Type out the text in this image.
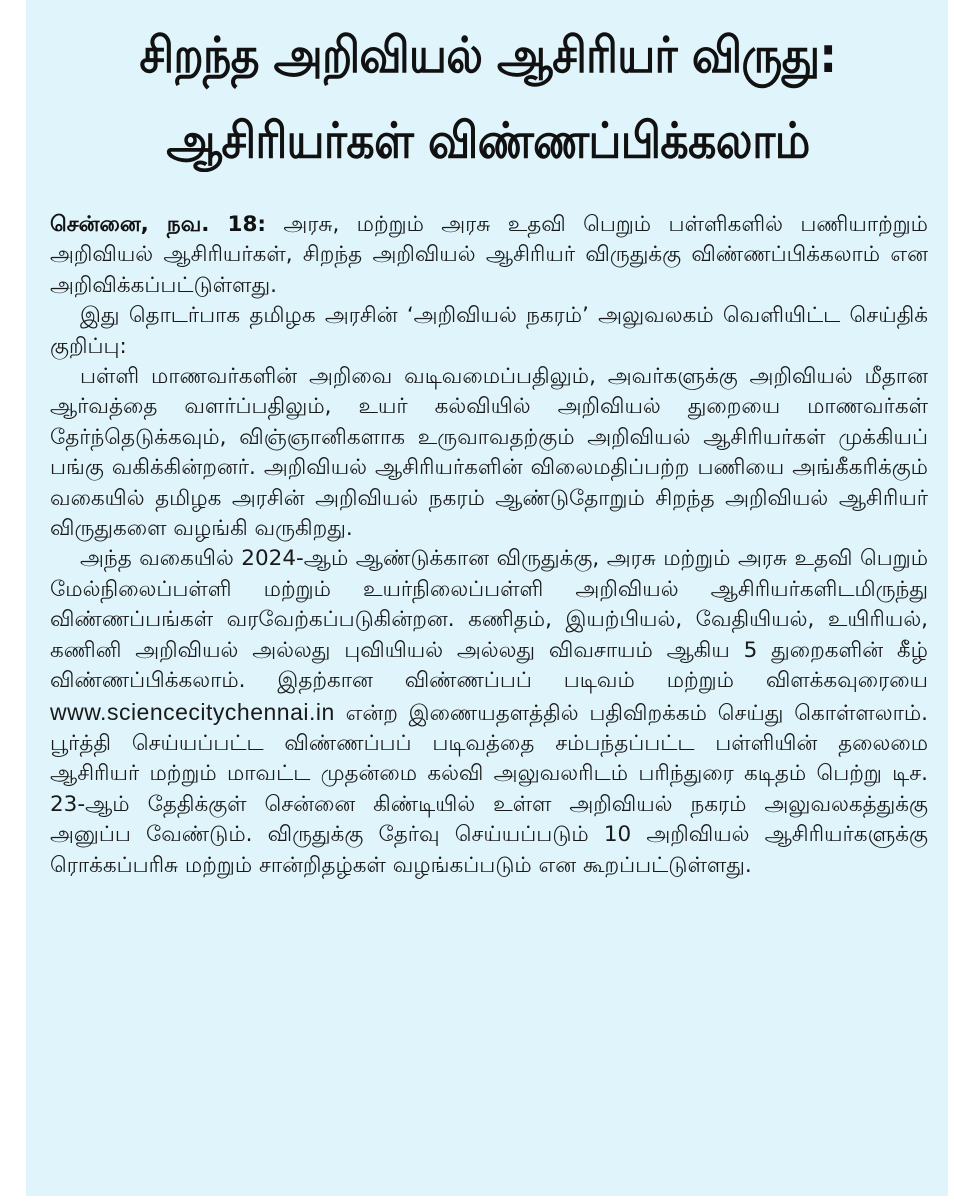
சிறந்த அறிவியல் ஆசிரியர் விருது:
ஆசிரியர்கள் விண்ணப்பிக்கலாம்

சென்னை, நவ. 18: அரசு, மற்றும் அரசு உதவி பெறும் பள்ளிகளில் பணியாற்றும் அறிவியல் ஆசிரியர்கள், சிறந்த அறிவியல் ஆசிரியர் விருதுக்கு விண்ணப்பிக்கலாம் என அறிவிக்கப்பட்டுள்ளது.

இது தொடர்பாக தமிழக அரசின் ‘அறிவியல் நகரம்’ அலுவலகம் வெளியிட்ட செய்திக் குறிப்பு:

பள்ளி மாணவர்களின் அறிவை வடிவமைப்பதிலும், அவர்களுக்கு அறிவியல் மீதான ஆர்வத்தை வளர்ப்பதிலும், உயர் கல்வியில் அறிவியல் துறையை மாணவர்கள் தேர்ந்தெடுக்கவும், விஞ்ஞானிகளாக உருவாவதற்கும் அறிவியல் ஆசிரியர்கள் முக்கியப் பங்கு வகிக்கின்றனர். அறிவியல் ஆசிரியர்களின் விலைமதிப்பற்ற பணியை அங்கீகரிக்கும் வகையில் தமிழக அரசின் அறிவியல் நகரம் ஆண்டுதோறும் சிறந்த அறிவியல் ஆசிரியர் விருதுகளை வழங்கி வருகிறது.

அந்த வகையில் 2024-ஆம் ஆண்டுக்கான விருதுக்கு, அரசு மற்றும் அரசு உதவி பெறும் மேல்நிலைப்பள்ளி மற்றும் உயர்நிலைப்பள்ளி அறிவியல் ஆசிரியர்களிடமிருந்து விண்ணப்பங்கள் வரவேற்கப்படுகின்றன. கணிதம், இயற்பியல், வேதியியல், உயிரியல், கணினி அறிவியல் அல்லது புவியியல் அல்லது விவசாயம் ஆகிய 5 துறைகளின் கீழ் விண்ணப்பிக்கலாம். இதற்கான விண்ணப்பப் படிவம் மற்றும் விளக்கவுரையை www.sciencecitychennai.in என்ற இணையதளத்தில் பதிவிறக்கம் செய்து கொள்ளலாம். பூர்த்தி செய்யப்பட்ட விண்ணப்பப் படிவத்தை சம்பந்தப்பட்ட பள்ளியின் தலைமை ஆசிரியர் மற்றும் மாவட்ட முதன்மை கல்வி அலுவலரிடம் பரிந்துரை கடிதம் பெற்று டிச. 23-ஆம் தேதிக்குள் சென்னை கிண்டியில் உள்ள அறிவியல் நகரம் அலுவலகத்துக்கு அனுப்ப வேண்டும். விருதுக்கு தேர்வு செய்யப்படும் 10 அறிவியல் ஆசிரியர்களுக்கு ரொக்கப்பரிசு மற்றும் சான்றிதழ்கள் வழங்கப்படும் என கூறப்பட்டுள்ளது.
